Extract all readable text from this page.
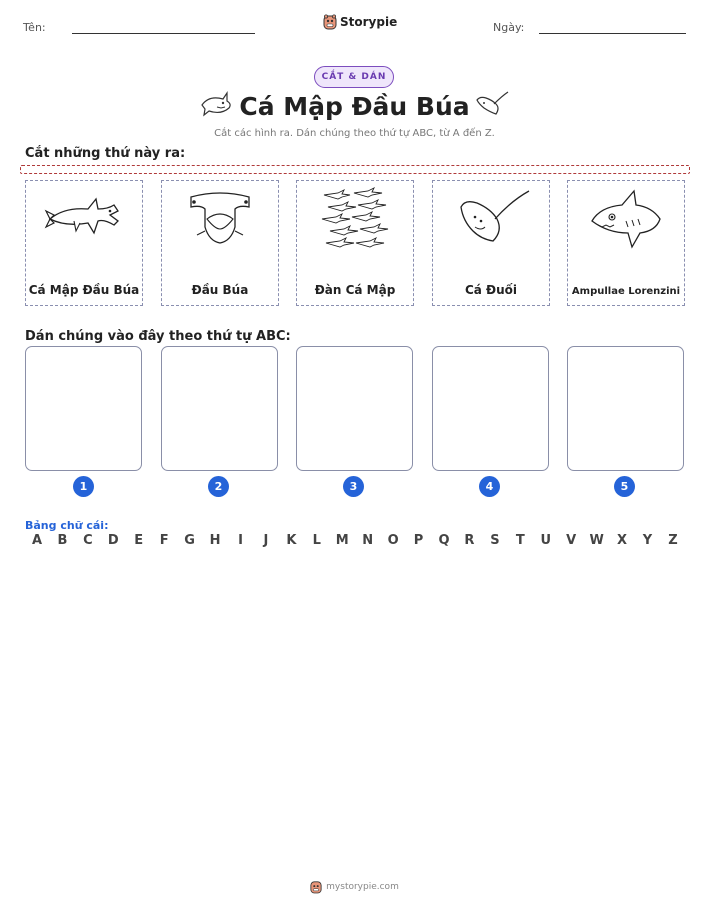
Tên:	Storypie	Ngày:
CẮT & DÁN
Cá Mập Đầu Búa
Cắt các hình ra. Dán chúng theo thứ tự ABC, từ A đến Z.
Cắt những thứ này ra:
Cá Mập Đầu Búa	Đầu Búa	Đàn Cá Mập	Cá Đuối	Ampullae Lorenzini
Dán chúng vào đây theo thứ tự ABC:
1	2	3	4	5
Bảng chữ cái:
A	B	C	D	E	F	G	H	I	J	K	L	M	N	O	P	Q	R	S	T	U	V	W	X	Y	Z
mystorypie.com
